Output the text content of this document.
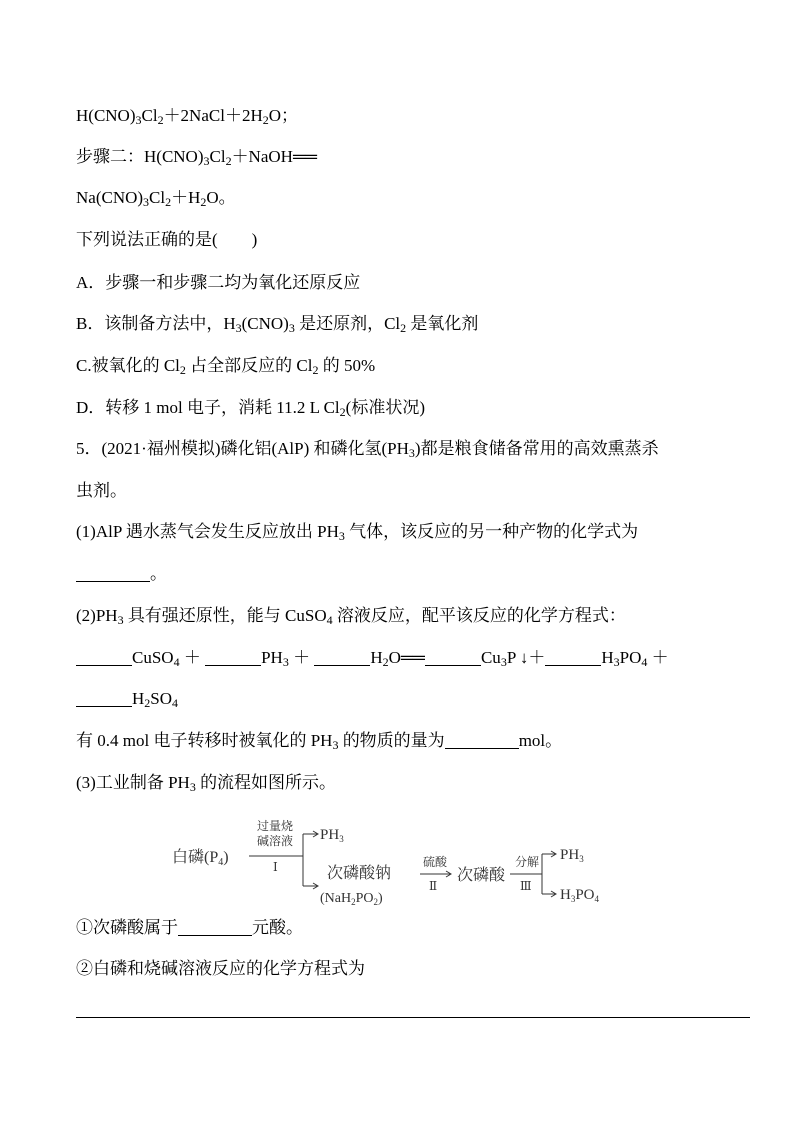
$H(CNO)_3Cl_2+2NaCl+2H_2O$；
步骤二：$H(CNO)_3Cl_2+NaOH══$
$Na(CNO)_3Cl_2+H_2O$。
下列说法正确的是(　　)
A．步骤一和步骤二均为氧化还原反应
B．该制备方法中，$H_3(CNO)_3$ 是还原剂，$Cl_2$ 是氧化剂
C.被氧化的 $Cl_2$ 占全部反应的 $Cl_2$ 的 50%
D．转移 1 mol 电子，消耗 11.2 L $Cl_2$(标准状况)
5．(2021·福州模拟)磷化铝(AlP) 和磷化氢$(PH_3)$都是粮食储备常用的高效熏蒸杀
虫剂。
(1)AlP 遇水蒸气会发生反应放出 $PH_3$ 气体，该反应的另一种产物的化学式为
。
$(2)PH_3$ 具有强还原性，能与 CuSO$_4$ 溶液反应，配平该反应的化学方程式：
CuSO$_4$ ＋	$PH_3$ ＋	$H_2O══$	$Cu_3P$ ↓＋	$H_3PO_4$ ＋
$H_2SO_4$
有 0.4 mol 电子转移时被氧化的 $PH_3$ 的物质的量为	mol。
(3)工业制备 $PH_3$ 的流程如图所示。
白磷(P4)
过量烧
碱溶液
Ⅰ
$PH_3$
次磷酸钠
$(NaH_2PO_2)$
硫酸
Ⅱ
次磷酸
分解
Ⅲ
$PH_3$
$H_3PO_4$
①次磷酸属于	元酸。
②白磷和烧碱溶液反应的化学方程式为
